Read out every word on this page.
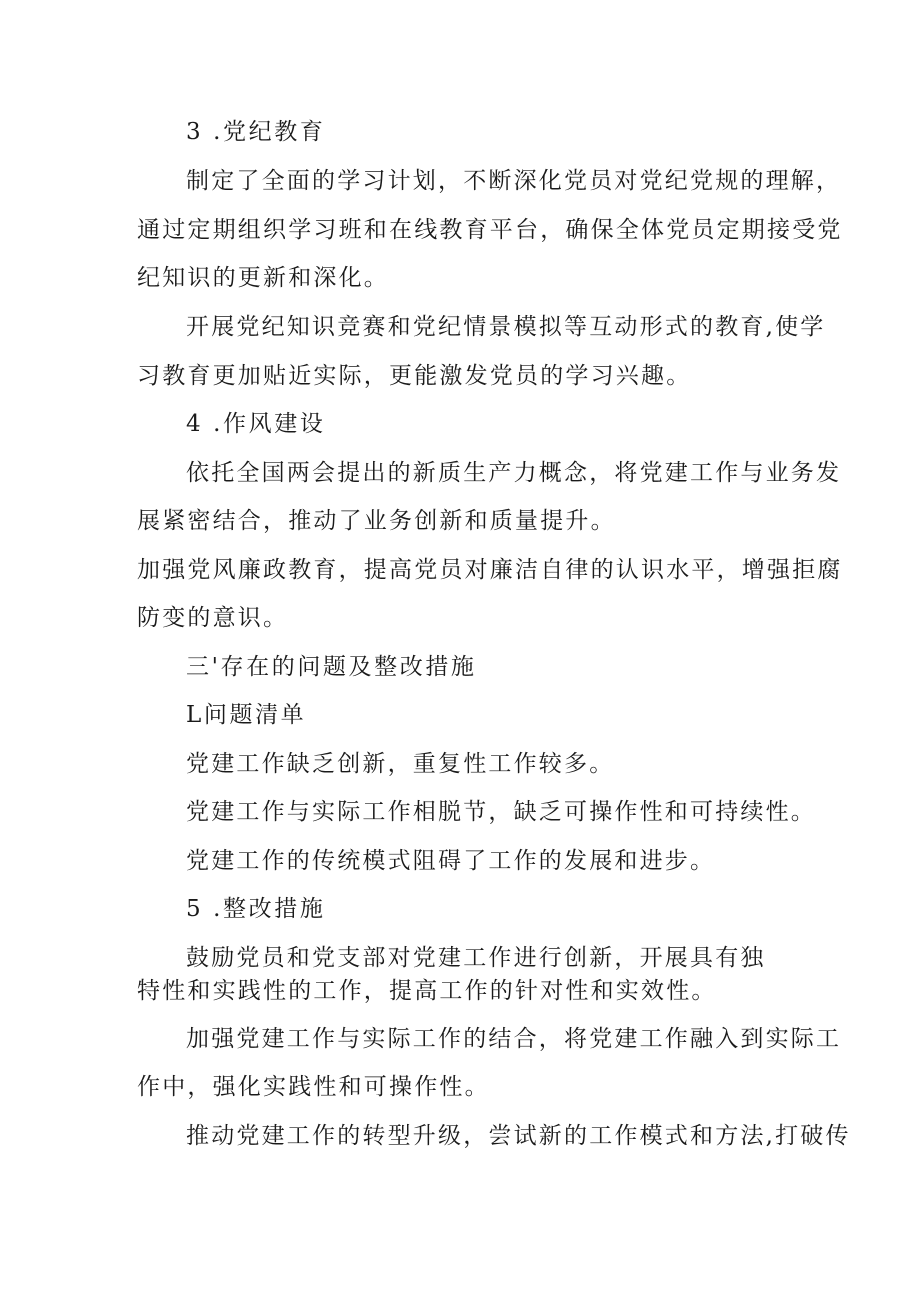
3 .党纪教育

制定了全面的学习计划，不断深化党员对党纪党规的理解，

通过定期组织学习班和在线教育平台，确保全体党员定期接受党

纪知识的更新和深化。

开展党纪知识竞赛和党纪情景模拟等互动形式的教育,使学

习教育更加贴近实际，更能激发党员的学习兴趣。

4 .作风建设

依托全国两会提出的新质生产力概念，将党建工作与业务发

展紧密结合，推动了业务创新和质量提升。

加强党风廉政教育，提高党员对廉洁自律的认识水平，增强拒腐

防变的意识。

三'存在的问题及整改措施

L问题清单

党建工作缺乏创新，重复性工作较多。

党建工作与实际工作相脱节，缺乏可操作性和可持续性。

党建工作的传统模式阻碍了工作的发展和进步。

5 .整改措施

鼓励党员和党支部对党建工作进行创新，开展具有独

特性和实践性的工作，提高工作的针对性和实效性。

加强党建工作与实际工作的结合，将党建工作融入到实际工

作中，强化实践性和可操作性。

推动党建工作的转型升级，尝试新的工作模式和方法,打破传
